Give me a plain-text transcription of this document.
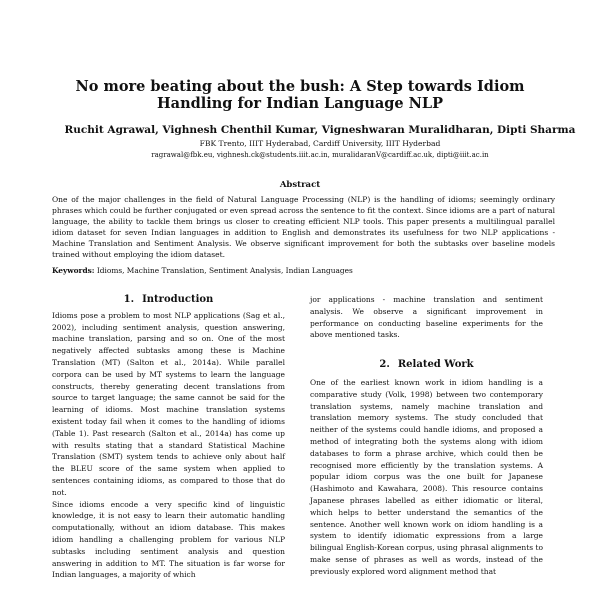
No more beating about the bush: A Step towards Idiom Handling for Indian Language NLP
Ruchit Agrawal, Vighnesh Chenthil Kumar, Vigneshwaran Muralidharan, Dipti Sharma
FBK Trento, IIIT Hyderabad, Cardiff University, IIIT Hyderbad
ragrawal@fbk.eu, vighnesh.ck@students.iiit.ac.in, muralidaranV@cardiff.ac.uk, dipti@iiit.ac.in
Abstract

One of the major challenges in the field of Natural Language Processing (NLP) is the handling of idioms; seemingly ordinary phrases which could be further conjugated or even spread across the sentence to fit the context. Since idioms are a part of natural language, the ability to tackle them brings us closer to creating efficient NLP tools. This paper presents a multilingual parallel idiom dataset for seven Indian languages in addition to English and demonstrates its usefulness for two NLP applications - Machine Translation and Sentiment Analysis. We observe significant improvement for both the subtasks over baseline models trained without employing the idiom dataset.

Keywords: Idioms, Machine Translation, Sentiment Analysis, Indian Languages

1. Introduction

Idioms pose a problem to most NLP applications (Sag et al., 2002), including sentiment analysis, question answering, machine translation, parsing and so on. One of the most negatively affected subtasks among these is Machine Translation (MT) (Salton et al., 2014a). While parallel corpora can be used by MT systems to learn the language constructs, thereby generating decent translations from source to target language; the same cannot be said for the learning of idioms. Most machine translation systems existent today fail when it comes to the handling of idioms (Table 1). Past research (Salton et al., 2014a) has come up with results stating that a standard Statistical Machine Translation (SMT) system tends to achieve only about half the BLEU score of the same system when applied to sentences containing idioms, as compared to those that do not.

Since idioms encode a very specific kind of linguistic knowledge, it is not easy to learn their automatic handling computationally, without an idiom database. This makes idiom handling a challenging problem for various NLP subtasks including sentiment analysis and question answering in addition to MT. The situation is far worse for Indian languages, a majority of which

jor applications - machine translation and sentiment analysis. We observe a significant improvement in performance on conducting baseline experiments for the above mentioned tasks.

2. Related Work

One of the earliest known work in idiom handling is a comparative study (Volk, 1998) between two contemporary translation systems, namely machine translation and translation memory systems. The study concluded that neither of the systems could handle idioms, and proposed a method of integrating both the systems along with idiom databases to form a phrase archive, which could then be recognised more efficiently by the translation systems. A popular idiom corpus was the one built for Japanese (Hashimoto and Kawahara, 2008). This resource contains Japanese phrases labelled as either idiomatic or literal, which helps to better understand the semantics of the sentence. Another well known work on idiom handling is a system to identify idiomatic expressions from a large bilingual English-Korean corpus, using phrasal alignments to make sense of phrases as well as words, instead of the previously explored word alignment method that
